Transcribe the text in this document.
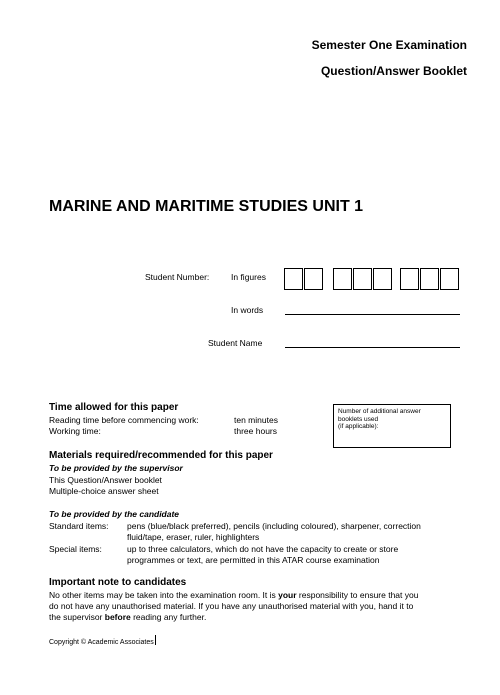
Semester One Examination
Question/Answer Booklet
MARINE AND MARITIME STUDIES UNIT 1
Student Number:	In figures
In words
Student Name
Time allowed for this paper
Reading time before commencing work:	ten minutes
Working time:	three hours
Number of additional answer
booklets used
(if applicable):
Materials required/recommended for this paper
To be provided by the supervisor
This Question/Answer booklet
Multiple-choice answer sheet
To be provided by the candidate
Standard items: pens (blue/black preferred), pencils (including coloured), sharpener, correction
fluid/tape, eraser, ruler, highlighters
Special items:	up to three calculators, which do not have the capacity to create or store
programmes or text, are permitted in this ATAR course examination
Important note to candidates
No other items may be taken into the examination room. It is your responsibility to ensure that you
do not have any unauthorised material. If you have any unauthorised material with you, hand it to
the supervisor before reading any further.
Copyright © Academic Associates
